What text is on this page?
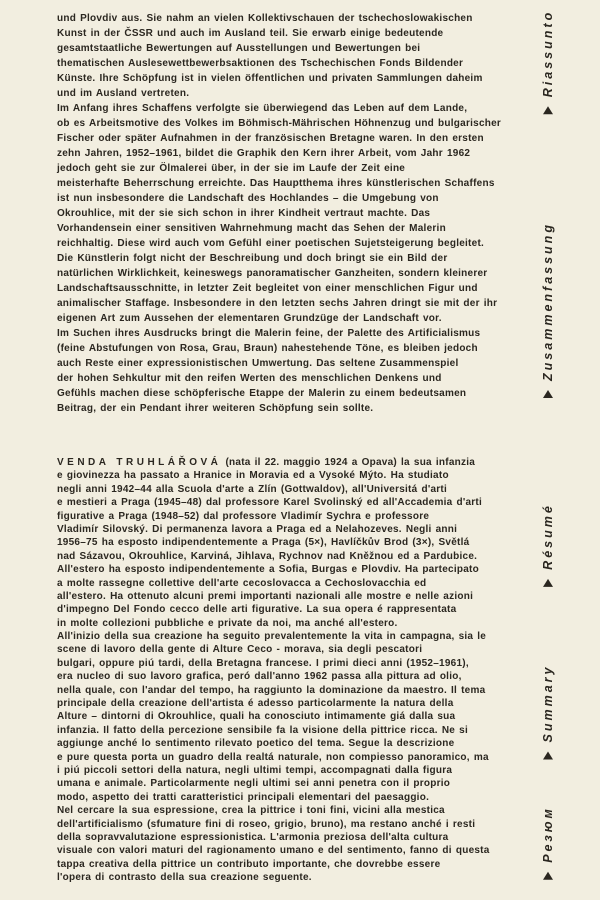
und Plovdiv aus. Sie nahm an vielen Kollektivschauen der tschechoslowakischen
Kunst in der ČSSR und auch im Ausland teil. Sie erwarb einige bedeutende
gesamtstaatliche Bewertungen auf Ausstellungen und Bewertungen bei
thematischen Auslesewettbewerbsaktionen des Tschechischen Fonds Bildender
Künste. Ihre Schöpfung ist in vielen öffentlichen und privaten Sammlungen daheim
und im Ausland vertreten.
Im Anfang ihres Schaffens verfolgte sie überwiegend das Leben auf dem Lande,
ob es Arbeitsmotive des Volkes im Böhmisch-Mährischen Höhnenzug und bulgarischer
Fischer oder später Aufnahmen in der französischen Bretagne waren. In den ersten
zehn Jahren, 1952–1961, bildet die Graphik den Kern ihrer Arbeit, vom Jahr 1962
jedoch geht sie zur Ölmalerei über, in der sie im Laufe der Zeit eine
meisterhafte Beherrschung erreichte. Das Hauptthema ihres künstlerischen Schaffens
ist nun insbesondere die Landschaft des Hochlandes – die Umgebung von
Okrouhlice, mit der sie sich schon in ihrer Kindheit vertraut machte. Das
Vorhandensein einer sensitiven Wahrnehmung macht das Sehen der Malerin
reichhaltig. Diese wird auch vom Gefühl einer poetischen Sujetsteigerung begleitet.
Die Künstlerin folgt nicht der Beschreibung und doch bringt sie ein Bild der
natürlichen Wirklichkeit, keineswegs panoramatischer Ganzheiten, sondern kleinerer
Landschaftsausschnitte, in letzter Zeit begleitet von einer menschlichen Figur und
animalischer Staffage. Insbesondere in den letzten sechs Jahren dringt sie mit der ihr
eigenen Art zum Aussehen der elementaren Grundzüge der Landschaft vor.
Im Suchen ihres Ausdrucks bringt die Malerin feine, der Palette des Artificialismus
(feine Abstufungen von Rosa, Grau, Braun) nahestehende Töne, es bleiben jedoch
auch Reste einer expressionistischen Umwertung. Das seltene Zusammenspiel
der hohen Sehkultur mit den reifen Werten des menschlichen Denkens und
Gefühls machen diese schöpferische Etappe der Malerin zu einem bedeutsamen
Beitrag, der ein Pendant ihrer weiteren Schöpfung sein sollte.
VENDA TRUHLÁŘOVÁ (nata il 22. maggio 1924 a Opava) la sua infanzia
e giovinezza ha passato a Hranice in Moravia ed a Vysoké Mýto. Ha studiato
negli anni 1942–44 alla Scuola d'arte a Zlín (Gottwaldov), all'Universitá d'arti
e mestieri a Praga (1945–48) dal professore Karel Svolinský ed all'Accademia d'arti
figurative a Praga (1948–52) dal professore Vladimír Sychra e professore
Vladimír Silovský. Di permanenza lavora a Praga ed a Nelahozeves. Negli anni
1956–75 ha esposto indipendentemente a Praga (5×), Havlíčkův Brod (3×), Světlá
nad Sázavou, Okrouhlice, Karviná, Jihlava, Rychnov nad Kněžnou ed a Pardubice.
All'estero ha esposto indipendentemente a Sofia, Burgas e Plovdiv. Ha partecipato
a molte rassegne collettive dell'arte cecoslovacca a Cechoslovacchia ed
all'estero. Ha ottenuto alcuni premi importanti nazionali alle mostre e nelle azioni
d'impegno Del Fondo cecco delle arti figurative. La sua opera é rappresentata
in molte collezioni pubbliche e private da noi, ma anché all'estero.
All'inizio della sua creazione ha seguito prevalentemente la vita in campagna, sia le
scene di lavoro della gente di Alture Ceco - morava, sia degli pescatori
bulgari, oppure piú tardi, della Bretagna francese. I primi dieci anni (1952–1961),
era nucleo di suo lavoro grafica, peró dall'anno 1962 passa alla pittura ad olio,
nella quale, con l'andar del tempo, ha raggiunto la dominazione da maestro. Il tema
principale della creazione dell'artista é adesso particolarmente la natura della
Alture – dintorni di Okrouhlice, quali ha conosciuto intimamente giá dalla sua
infanzia. Il fatto della percezione sensibile fa la visione della pittrice ricca. Ne si
aggiunge anché lo sentimento rilevato poetico del tema. Segue la descrizione
e pure questa porta un guadro della realtá naturale, non compiesso panoramico, ma
i piú piccoli settori della natura, negli ultimi tempi, accompagnati dalla figura
umana e animale. Particolarmente negli ultimi sei anni penetra con il proprio
modo, aspetto dei tratti caratteristici principali elementari del paesaggio.
Nel cercare la sua espressione, crea la pittrice i toni fini, vicini alla mestica
dell'artificialismo (sfumature fini di roseo, grigio, bruno), ma restano anché i resti
della sopravvalutazione espressionistica. L'armonia preziosa dell'alta cultura
visuale con valori maturi del ragionamento umano e del sentimento, fanno di questa
tappa creativa della pittrice un contributo importante, che dovrebbe essere
l'opera di contrasto della sua creazione seguente.
Riassunto
Zusammenfassung
Résumé
Summary
Резюм
